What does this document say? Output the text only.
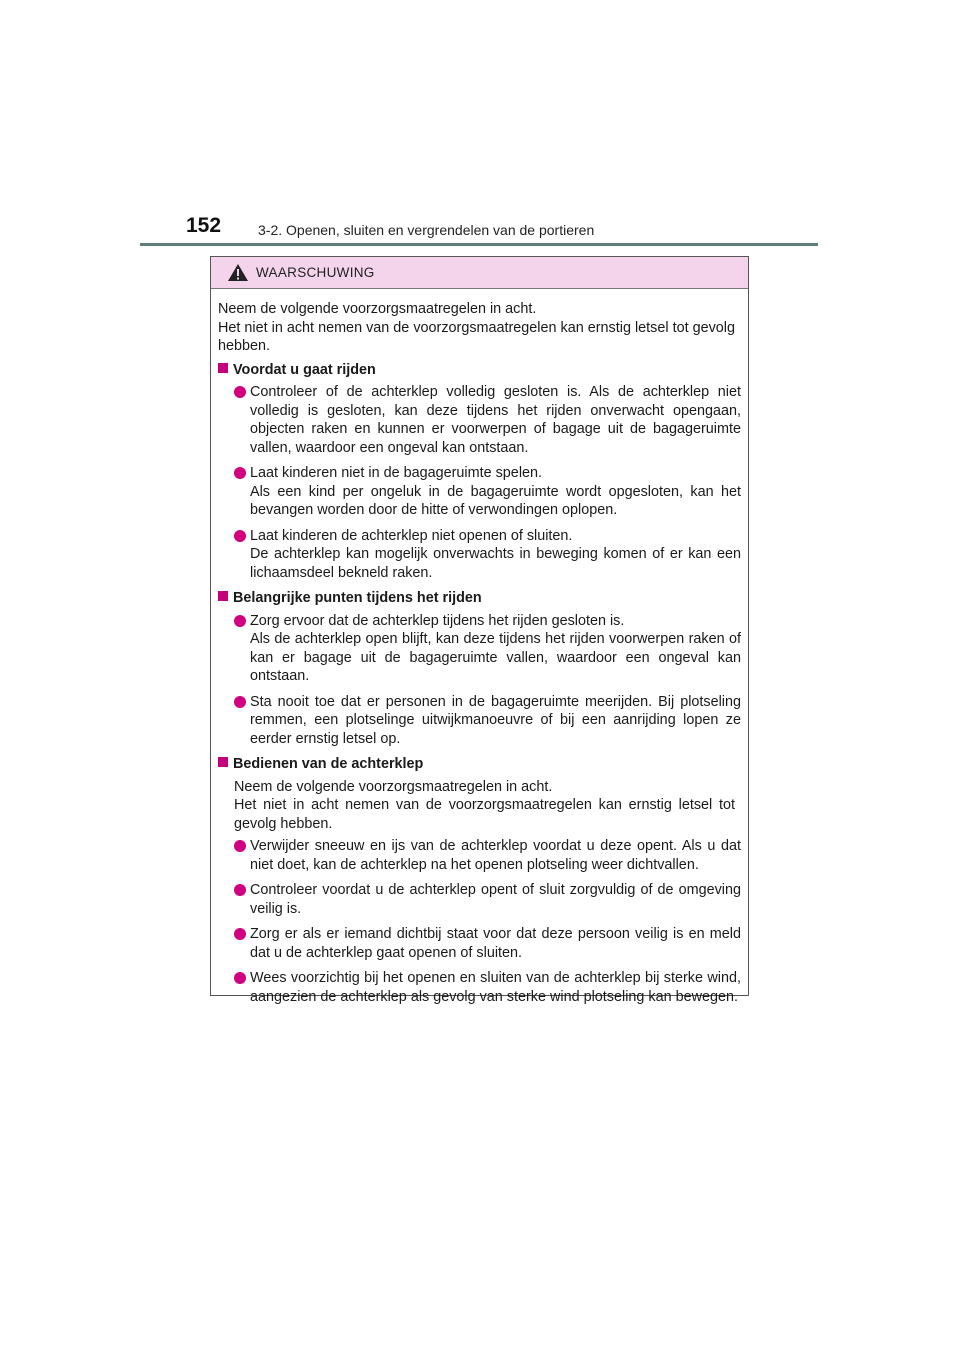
152	3-2. Openen, sluiten en vergrendelen van de portieren
WAARSCHUWING

Neem de volgende voorzorgsmaatregelen in acht.

Het niet in acht nemen van de voorzorgsmaatregelen kan ernstig letsel tot gevolg hebben.

Voordat u gaat rijden

Controleer of de achterklep volledig gesloten is. Als de achterklep niet volledig is gesloten, kan deze tijdens het rijden onverwacht opengaan, objecten raken en kunnen er voorwerpen of bagage uit de bagageruimte vallen, waardoor een ongeval kan ontstaan.

Laat kinderen niet in de bagageruimte spelen.

Als een kind per ongeluk in de bagageruimte wordt opgesloten, kan het bevangen worden door de hitte of verwondingen oplopen.

Laat kinderen de achterklep niet openen of sluiten.

De achterklep kan mogelijk onverwachts in beweging komen of er kan een lichaamsdeel bekneld raken.

Belangrijke punten tijdens het rijden

Zorg ervoor dat de achterklep tijdens het rijden gesloten is.

Als de achterklep open blijft, kan deze tijdens het rijden voorwerpen raken of kan er bagage uit de bagageruimte vallen, waardoor een ongeval kan ontstaan.

Sta nooit toe dat er personen in de bagageruimte meerijden. Bij plotseling remmen, een plotselinge uitwijkmanoeuvre of bij een aanrijding lopen ze eerder ernstig letsel op.

Bedienen van de achterklep

Neem de volgende voorzorgsmaatregelen in acht.

Het niet in acht nemen van de voorzorgsmaatregelen kan ernstig letsel tot gevolg hebben.

Verwijder sneeuw en ijs van de achterklep voordat u deze opent. Als u dat niet doet, kan de achterklep na het openen plotseling weer dichtvallen.

Controleer voordat u de achterklep opent of sluit zorgvuldig of de omgeving veilig is.

Zorg er als er iemand dichtbij staat voor dat deze persoon veilig is en meld dat u de achterklep gaat openen of sluiten.

Wees voorzichtig bij het openen en sluiten van de achterklep bij sterke wind, aangezien de achterklep als gevolg van sterke wind plotseling kan bewegen.
